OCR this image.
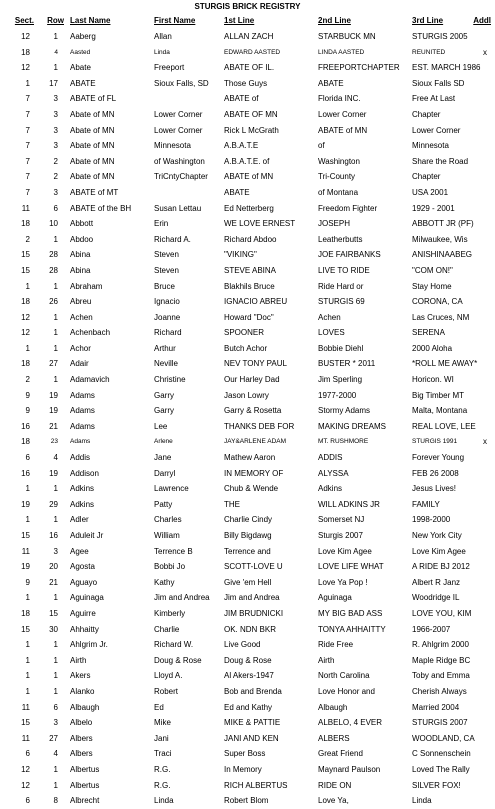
STURGIS BRICK REGISTRY
Sect.	Row	Last Name	First Name	1st Line	2nd Line	3rd Line	Addl
12	1	Aaberg	Allan	ALLAN ZACH	STARBUCK MN	STURGIS 2005	
18	4	Aasted	Linda	EDWARD AASTED	LINDA AASTED	REUNITED	x
12	1	Abate	Freeport	ABATE OF IL.	FREEPORTCHAPTER	EST. MARCH 1986	
1	17	ABATE	Sioux Falls, SD	Those Guys	ABATE	Sioux Falls SD	
7	3	ABATE of FL		ABATE of	Florida INC.	Free At Last	
7	3	Abate of MN	Lower Corner	ABATE OF MN	Lower Corner	Chapter	
7	3	Abate of MN	Lower Corner	Rick L McGrath	ABATE of MN	Lower Corner	
7	3	Abate of MN	Minnesota	A.B.A.T.E	of	Minnesota	
7	2	Abate of MN	of Washington	A.B.A.T.E. of	Washington	Share the Road	
7	2	Abate of MN	TriCntyChapter	ABATE of MN	Tri-County	Chapter	
7	3	ABATE of MT		ABATE	of Montana	USA 2001	
11	6	ABATE of the BH	Susan Lettau	Ed Netterberg	Freedom Fighter	1929 - 2001	
18	10	Abbott	Erin	WE LOVE ERNEST	JOSEPH	ABBOTT JR (PF)	
2	1	Abdoo	Richard A.	Richard Abdoo	Leatherbutts	Milwaukee, Wis	
15	28	Abina	Steven	"VIKING"	JOE FAIRBANKS	ANISHINAABEG	
15	28	Abina	Steven	STEVE ABINA	LIVE TO RIDE	"COM ON!"	
1	1	Abraham	Bruce	Blakhils Bruce	Ride Hard or	Stay Home	
18	26	Abreu	Ignacio	IGNACIO ABREU	STURGIS 69	CORONA, CA	
12	1	Achen	Joanne	Howard "Doc"	Achen	Las Cruces, NM	
12	1	Achenbach	Richard	SPOONER	LOVES	SERENA	
1	1	Achor	Arthur	Butch Achor	Bobbie Diehl	2000 Aloha	
18	27	Adair	Neville	NEV TONY PAUL	BUSTER * 2011	*ROLL ME AWAY*	
2	1	Adamavich	Christine	Our Harley Dad	Jim Sperling	Horicon. WI	
9	19	Adams	Garry	Jason Lowry	1977-2000	Big Timber MT	
9	19	Adams	Garry	Garry & Rosetta	Stormy Adams	Malta, Montana	
16	21	Adams	Lee	THANKS DEB FOR	MAKING DREAMS	REAL LOVE, LEE	
18	23	Adams	Arlene	JAY&ARLENE ADAM	MT. RUSHMORE	STURGIS 1991	x
6	4	Addis	Jane	Mathew Aaron	ADDIS	Forever Young	
16	19	Addison	Darryl	IN MEMORY OF	ALYSSA	FEB 26 2008	
1	1	Adkins	Lawrence	Chub & Wende	Adkins	Jesus Lives!	
19	29	Adkins	Patty	THE	WILL ADKINS JR	FAMILY	
1	1	Adler	Charles	Charlie Cindy	Somerset NJ	1998-2000	
15	16	Aduleit Jr	William	Billy Bigdawg	Sturgis 2007	New York City	
11	3	Agee	Terrence B	Terrence and	Love Kim Agee	Love Kim Agee	
19	20	Agosta	Bobbi Jo	SCOTT-LOVE U	LOVE LIFE WHAT	A RIDE BJ 2012	
9	21	Aguayo	Kathy	Give 'em Hell	Love Ya Pop !	Albert R Janz	
1	1	Aguinaga	Jim and Andrea	Jim and Andrea	Aguinaga	Woodridge IL	
18	15	Aguirre	Kimberly	JIM BRUDNICKI	MY BIG BAD ASS	LOVE YOU, KIM	
15	30	Ahhaitty	Charlie	OK. NDN BKR	TONYA AHHAITTY	1966-2007	
1	1	Ahlgrim Jr.	Richard W.	Live Good	Ride Free	R. Ahlgrim 2000	
1	1	Airth	Doug & Rose	Doug & Rose	Airth	Maple Ridge BC	
1	1	Akers	Lloyd A.	Al Akers-1947	North Carolina	Toby and Emma	
1	1	Alanko	Robert	Bob and Brenda	Love Honor and	Cherish Always	
11	6	Albaugh	Ed	Ed and Kathy	Albaugh	Married 2004	
15	3	Albelo	Mike	MIKE & PATTIE	ALBELO, 4 EVER	STURGIS 2007	
11	27	Albers	Jani	JANI AND KEN	ALBERS	WOODLAND, CA	
6	4	Albers	Traci	Super Boss	Great Friend	C Sonnenschein	
12	1	Albertus	R.G.	In Memory	Maynard Paulson	Loved The Rally	
12	1	Albertus	R.G.	RICH ALBERTUS	RIDE ON	SILVER FOX!	
6	8	Albrecht	Linda	Robert Blom	Love Ya,	Linda	
